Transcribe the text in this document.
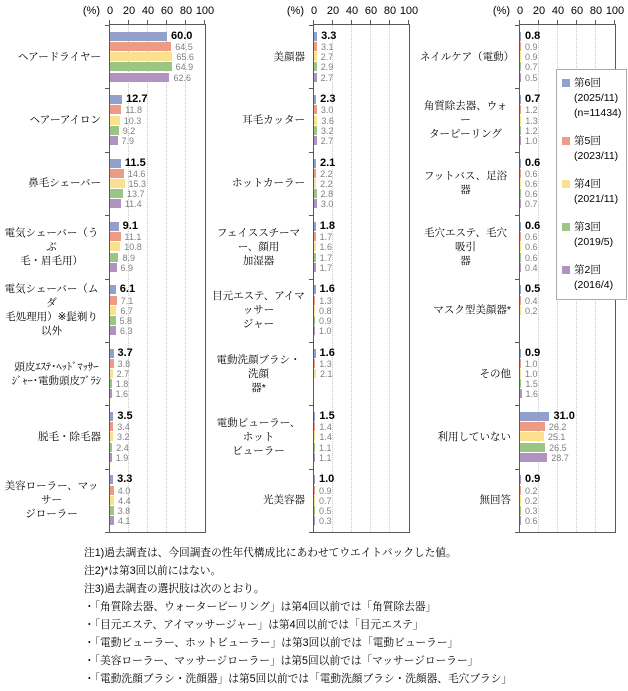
(%) 0 20 40 60 80 100
60.0
64.5
65.6
64.9
62.6
ヘアードライヤー
12.7
11.8
10.3
9.2
7.9
ヘアーアイロン
11.5
14.6
15.3
13.7
11.4
鼻毛シェーバー
9.1
11.1
10.8
8.9
6.9
電気シェーバー（うぶ
毛・眉毛用）
6.1
7.1
6.7
5.8
6.3
電気シェーバー（ムダ
毛処理用）※髭剃り
以外
3.7
3.8
2.7
1.8
1.6
頭皮ｴｽﾃ･ﾍｯﾄﾞﾏｯｻｰ
ｼﾞｬｰ･電動頭皮ﾌﾞﾗｼ
3.5
3.4
3.2
2.4
1.9
脱毛・除毛器
3.3
4.0
4.4
3.8
4.1
美容ローラー、マッサー
ジローラー
(%) 0 20 40 60 80 100
3.3
3.1
2.7
2.9
2.7
美顔器
2.3
3.0
3.6
3.2
2.7
耳毛カッター
2.1
2.2
2.2
2.8
3.0
ホットカーラー
1.8
1.7
1.6
1.7
1.7
フェイススチーマー、顔用
加湿器
1.6
1.3
0.8
0.9
1.0
目元エステ、アイマッサー
ジャー
1.6
1.3
2.1
電動洗顔ブラシ・洗顔
器*
1.5
1.4
1.4
1.1
1.1
電動ビューラー、ホット
ビューラー
1.0
0.9
0.7
0.5
0.3
光美容器
(%) 0 20 40 60 80 100
0.8
0.9
0.9
0.7
0.5
ネイルケア（電動）
0.7
1.2
1.3
1.2
1.0
角質除去器、ウォー
ターピーリング
0.6
0.6
0.6
0.6
0.7
フットバス、足浴器
0.6
0.6
0.6
0.6
0.4
毛穴エステ、毛穴吸引
器
0.5
0.4
0.2
マスク型美顔器*
0.9
1.0
1.0
1.5
1.6
その他
31.0
26.2
25.1
26.5
28.7
利用していない
0.9
0.2
0.2
0.3
0.6
無回答
第6回
(2025/11)
(n=11434)
第5回
(2023/11)
第4回
(2021/11)
第3回
(2019/5)
第2回
(2016/4)
注1)過去調査は、今回調査の性年代構成比にあわせてウエイトバックした値。
注2)*は第3回以前にはない。
注3)過去調査の選択肢は次のとおり。
・「角質除去器、ウォーターピーリング」は第4回以前では「角質除去器」
・「目元エステ、アイマッサージャー」は第4回以前では「目元エステ」
・「電動ビューラー、ホットビューラー」は第3回以前では「電動ビューラー」
・「美容ローラー、マッサージローラー」は第5回以前では「マッサージローラー」
・「電動洗顔ブラシ・洗顔器」は第5回以前では「電動洗顔ブラシ・洗顔器、毛穴ブラシ」
